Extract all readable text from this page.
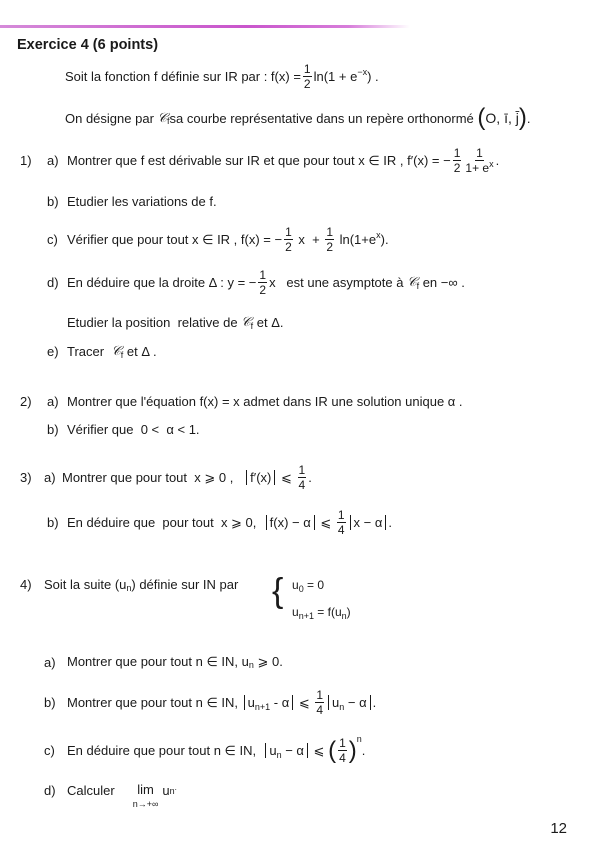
Exercice 4 (6 points)
Soit la fonction f définie sur IR par : $f(x) = \frac{1}{2} \ln(1 + e -x$ ) .
On désigne par
𝒞 f sa courbe représentative dans un repère orthonormé
( O, ī, j̄ ) .
1)	a) Montrer que f est dérivable sur IR et que pour tout x ∈ IR , f′(x) = − $\frac{1}{2} \frac{1}{1+ e^x}$ .
b) Etudier les variations de f.
c) Vérifier que pour tout x ∈ IR , f(x) = − $\frac{1}{2}$ $x + \frac{1}{2} \ln(1+e$ x ).
d) En déduire que la droite Δ : y = − $\frac{1}{2}$ x   est une asymptote à 𝒞 f en −∞ .
Etudier la position  relative de 𝒞 f et Δ.
e) Tracer 𝒞 f et Δ .
2)	a) Montrer que l'équation f(x) = x admet dans IR une solution unique α .
b) Vérifier que  0 <  α < 1.
3) a) Montrer que pour tout  x ⩾ 0 , f′(x) ⩽ $\frac{1}{4}$ .
b) En déduire que  pour tout  x ⩾ 0, f(x) − α ⩽ $\frac{1}{4}$ x − α .
4) Soit la suite (u n ) définie sur IN par { $u_0 = 0$
$u_{n+1} = f(u_n)$
a) Montrer que pour tout n ∈ IN, u n ⩾ 0.
b) Montrer que pour tout n ∈ IN, $u_{n+1}$ - α ⩽ $\frac{1}{4} u_n - \alpha$ .
c) En déduire que pour tout n ∈ IN, $u_n - \alpha$ ⩽ ( $\frac{1}{4}$ ) n
.
d) Calculer lim
n→+∞
u n .
12
